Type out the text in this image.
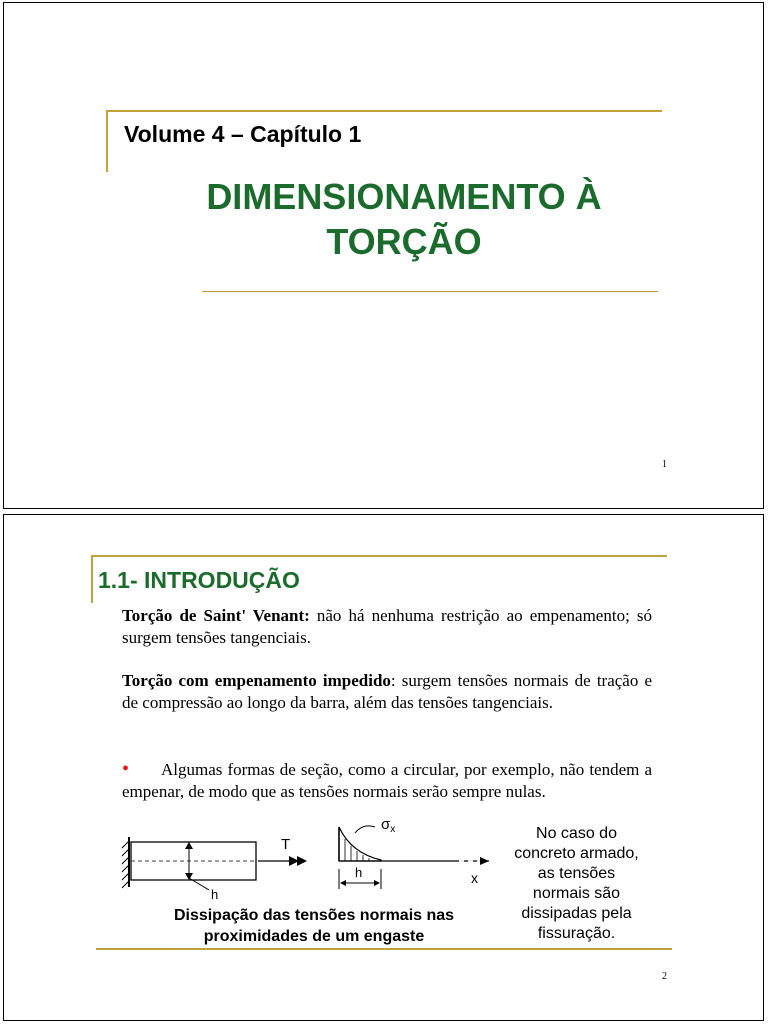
Volume 4 – Capítulo 1
DIMENSIONAMENTO À
TORÇÃO
1
1.1- INTRODUÇÃO
Torção de Saint' Venant: não há nenhuma restrição ao empenamento; só surgem tensões tangenciais.
Torção com empenamento impedido: surgem tensões normais de tração e de compressão ao longo da barra, além das tensões tangenciais.
• Algumas formas de seção, como a circular, por exemplo, não tendem a empenar, de modo que as tensões normais serão sempre nulas.
h
T
$\sigma_x$
h	x
Dissipação das tensões normais nas
proximidades de um engaste
No caso do
concreto armado,
as tensões
normais são
dissipadas pela
fissuração.
2
